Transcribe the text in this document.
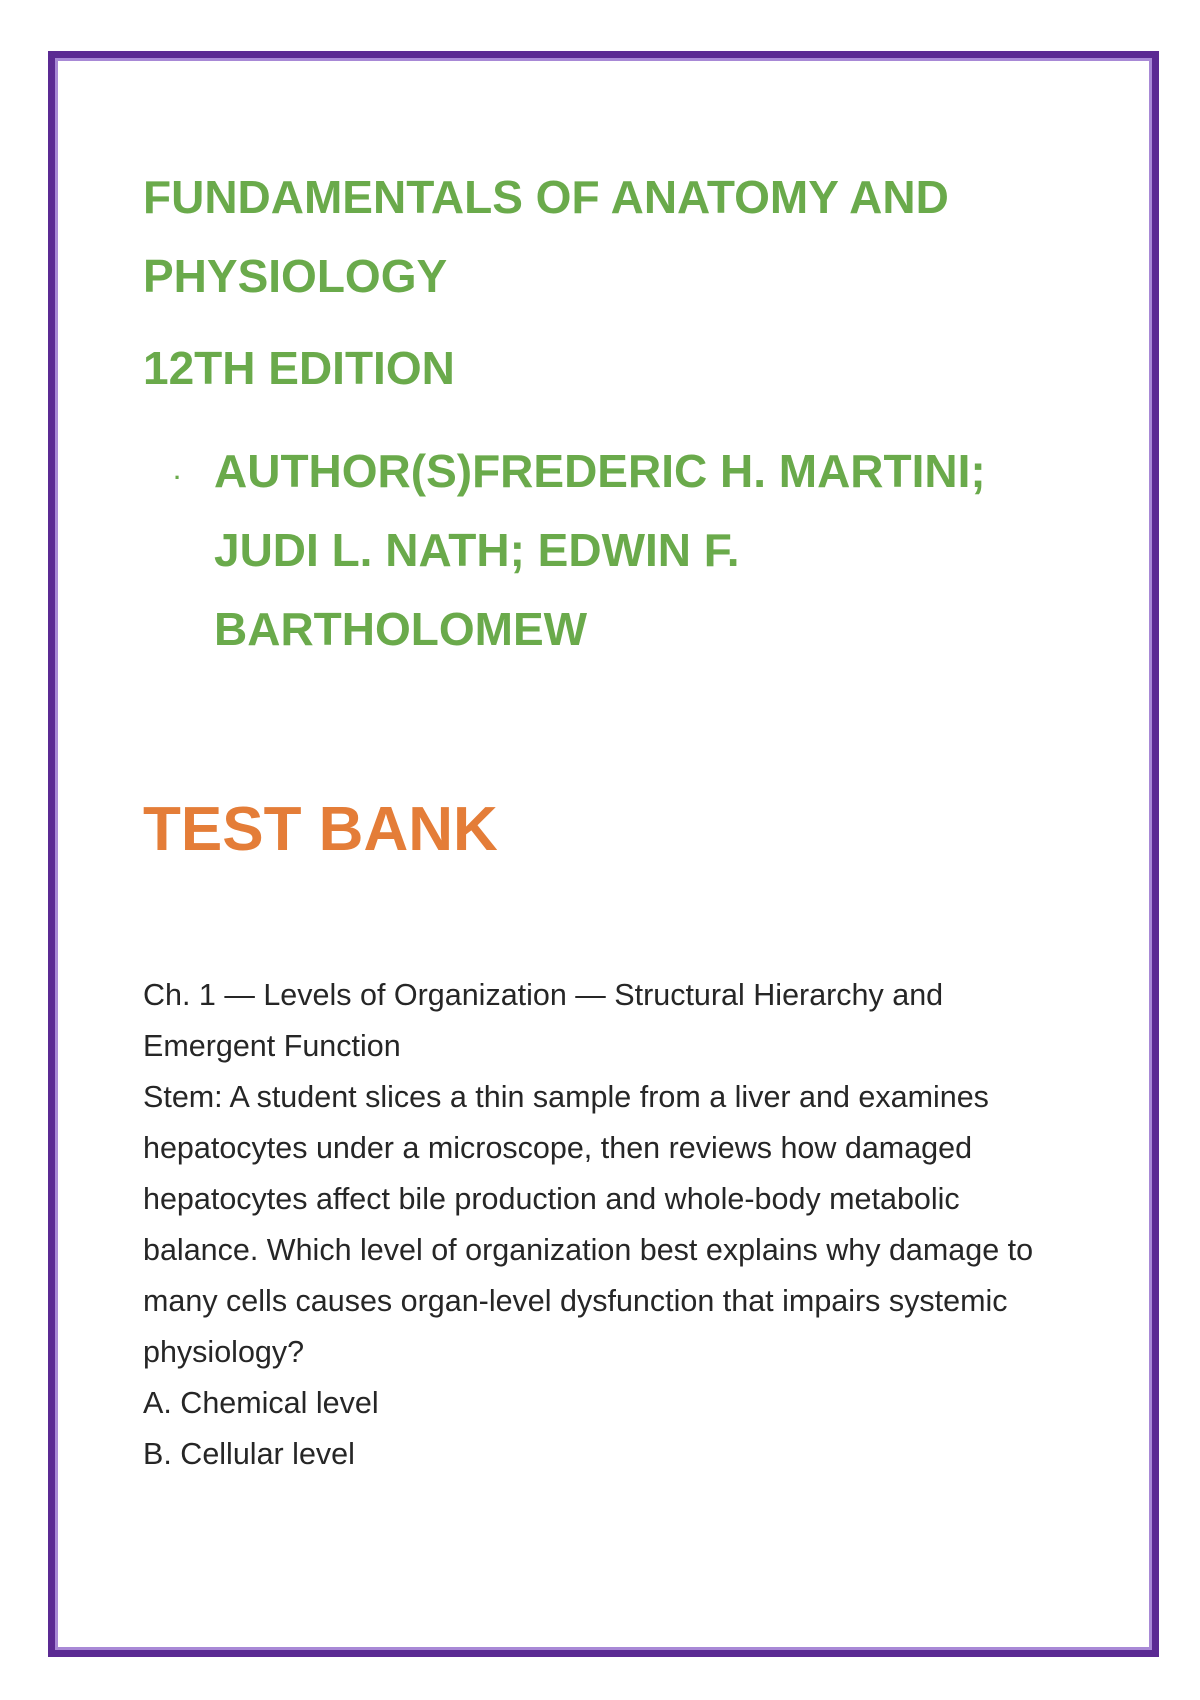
FUNDAMENTALS OF ANATOMY AND PHYSIOLOGY
12TH EDITION
. AUTHOR(S)FREDERIC H. MARTINI; JUDI L. NATH; EDWIN F. BARTHOLOMEW

TEST BANK

Ch. 1 — Levels of Organization — Structural Hierarchy and Emergent Function

Stem: A student slices a thin sample from a liver and examines hepatocytes under a microscope, then reviews how damaged hepatocytes affect bile production and whole-body metabolic balance. Which level of organization best explains why damage to many cells causes organ-level dysfunction that impairs systemic physiology?

A. Chemical level

B. Cellular level
